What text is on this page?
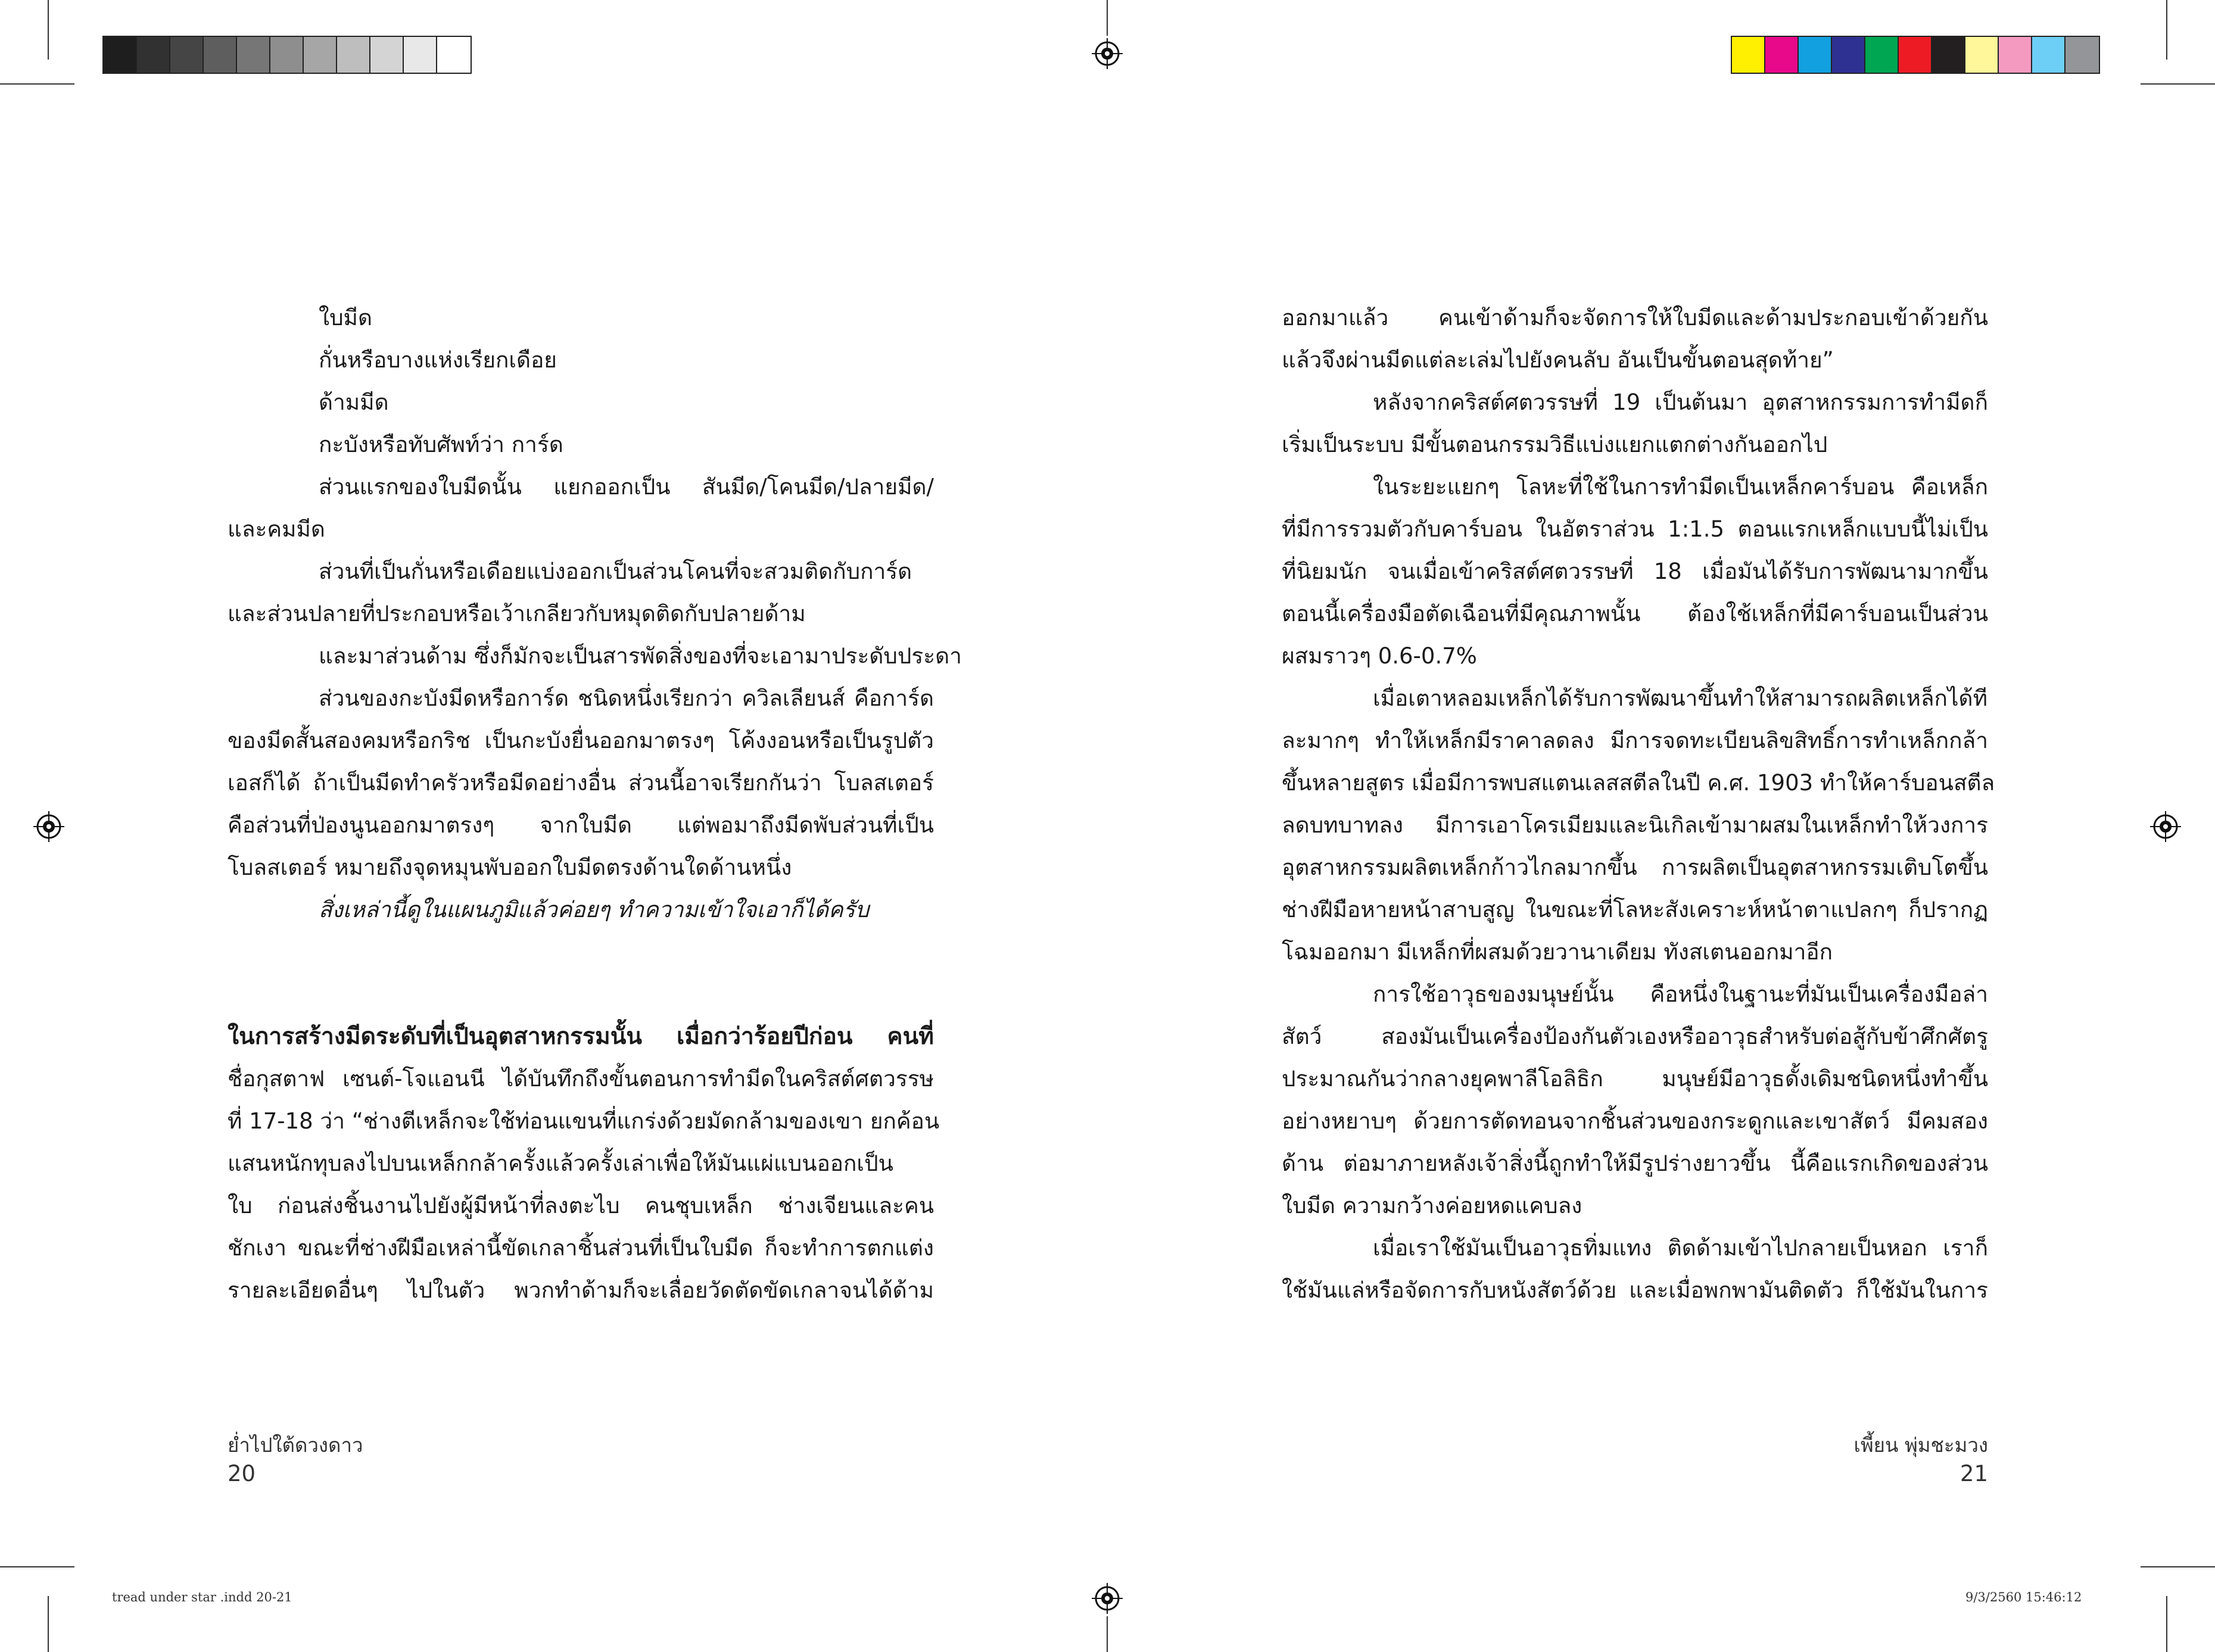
ใบมีด

กั่นหรือบางแห่งเรียกเดือย

ด้ามมีด

กะบังหรือทับศัพท์ว่า การ์ด

ส่วนแรกของใบมีดนั้น แยกออกเป็น สันมีด/โคนมีด/ปลายมีด/

และคมมีด

ส่วนที่เป็นกั่นหรือเดือยแบ่งออกเป็นส่วนโคนที่จะสวมติดกับการ์ด

และส่วนปลายที่ประกอบหรือเว้าเกลียวกับหมุดติดกับปลายด้าม

และมาส่วนด้าม ซึ่งก็มักจะเป็นสารพัดสิ่งของที่จะเอามาประดับประดา

ส่วนของกะบังมีดหรือการ์ด ชนิดหนึ่งเรียกว่า ควิลเลียนส์ คือการ์ด

ของมีดสั้นสองคมหรือกริช เป็นกะบังยื่นออกมาตรงๆ โค้งงอนหรือเป็นรูปตัว

เอสก็ได้ ถ้าเป็นมีดทำครัวหรือมีดอย่างอื่น ส่วนนี้อาจเรียกกันว่า โบลสเตอร์

คือส่วนที่ป่องนูนออกมาตรงๆ จากใบมีด แต่พอมาถึงมีดพับส่วนที่เป็น

โบลสเตอร์ หมายถึงจุดหมุนพับออกใบมีดตรงด้านใดด้านหนึ่ง

สิ่งเหล่านี้ดูในแผนภูมิแล้วค่อยๆ ทำความเข้าใจเอาก็ได้ครับ

ในการสร้างมีดระดับที่เป็นอุตสาหกรรมนั้น เมื่อกว่าร้อยปีก่อน คนที่

ชื่อกุสตาฟ เซนต์-โจแอนนี ได้บันทึกถึงขั้นตอนการทำมีดในคริสต์ศตวรรษ

ที่ 17-18 ว่า “ช่างตีเหล็กจะใช้ท่อนแขนที่แกร่งด้วยมัดกล้ามของเขา ยกค้อน

แสนหนักทุบลงไปบนเหล็กกล้าครั้งแล้วครั้งเล่าเพื่อให้มันแผ่แบนออกเป็น

ใบ ก่อนส่งชิ้นงานไปยังผู้มีหน้าที่ลงตะไบ คนชุบเหล็ก ช่างเจียนและคน

ชักเงา ขณะที่ช่างฝีมือเหล่านี้ขัดเกลาชิ้นส่วนที่เป็นใบมีด ก็จะทำการตกแต่ง

รายละเอียดอื่นๆ ไปในตัว พวกทำด้ามก็จะเลื่อยวัดตัดขัดเกลาจนได้ด้าม

ย่ำไปใต้ดวงดาว
20

ออกมาแล้ว คนเข้าด้ามก็จะจัดการให้ใบมีดและด้ามประกอบเข้าด้วยกัน

แล้วจึงผ่านมีดแต่ละเล่มไปยังคนลับ อันเป็นขั้นตอนสุดท้าย”

หลังจากคริสต์ศตวรรษที่ 19 เป็นต้นมา อุตสาหกรรมการทำมีดก็

เริ่มเป็นระบบ มีขั้นตอนกรรมวิธีแบ่งแยกแตกต่างกันออกไป

ในระยะแยกๆ โลหะที่ใช้ในการทำมีดเป็นเหล็กคาร์บอน คือเหล็ก

ที่มีการรวมตัวกับคาร์บอน ในอัตราส่วน 1:1.5 ตอนแรกเหล็กแบบนี้ไม่เป็น

ที่นิยมนัก จนเมื่อเข้าคริสต์ศตวรรษที่ 18 เมื่อมันได้รับการพัฒนามากขึ้น

ตอนนี้เครื่องมือตัดเฉือนที่มีคุณภาพนั้น ต้องใช้เหล็กที่มีคาร์บอนเป็นส่วน

ผสมราวๆ 0.6-0.7%

เมื่อเตาหลอมเหล็กได้รับการพัฒนาขึ้นทำให้สามารถผลิตเหล็กได้ที

ละมากๆ ทำให้เหล็กมีราคาลดลง มีการจดทะเบียนลิขสิทธิ์การทำเหล็กกล้า

ขึ้นหลายสูตร เมื่อมีการพบสแตนเลสสตีลในปี ค.ศ. 1903 ทำให้คาร์บอนสตีล

ลดบทบาทลง มีการเอาโครเมียมและนิเกิลเข้ามาผสมในเหล็กทำให้วงการ

อุตสาหกรรมผลิตเหล็กก้าวไกลมากขึ้น การผลิตเป็นอุตสาหกรรมเติบโตขึ้น

ช่างฝีมือหายหน้าสาบสูญ ในขณะที่โลหะสังเคราะห์หน้าตาแปลกๆ ก็ปรากฏ

โฉมออกมา มีเหล็กที่ผสมด้วยวานาเดียม ทังสเตนออกมาอีก

การใช้อาวุธของมนุษย์นั้น คือหนึ่งในฐานะที่มันเป็นเครื่องมือล่า

สัตว์ สองมันเป็นเครื่องป้องกันตัวเองหรืออาวุธสำหรับต่อสู้กับข้าศึกศัตรู

ประมาณกันว่ากลางยุคพาลีโอลิธิก มนุษย์มีอาวุธดั้งเดิมชนิดหนึ่งทำขึ้น

อย่างหยาบๆ ด้วยการตัดทอนจากชิ้นส่วนของกระดูกและเขาสัตว์ มีคมสอง

ด้าน ต่อมาภายหลังเจ้าสิ่งนี้ถูกทำให้มีรูปร่างยาวขึ้น นี้คือแรกเกิดของส่วน

ใบมีด ความกว้างค่อยหดแคบลง

เมื่อเราใช้มันเป็นอาวุธทิ่มแทง ติดด้ามเข้าไปกลายเป็นหอก เราก็

ใช้มันแล่หรือจัดการกับหนังสัตว์ด้วย และเมื่อพกพามันติดตัว ก็ใช้มันในการ

เพี้ยน พุ่มชะมวง
21
tread under star .indd 20-21	9/3/2560 15:46:12
